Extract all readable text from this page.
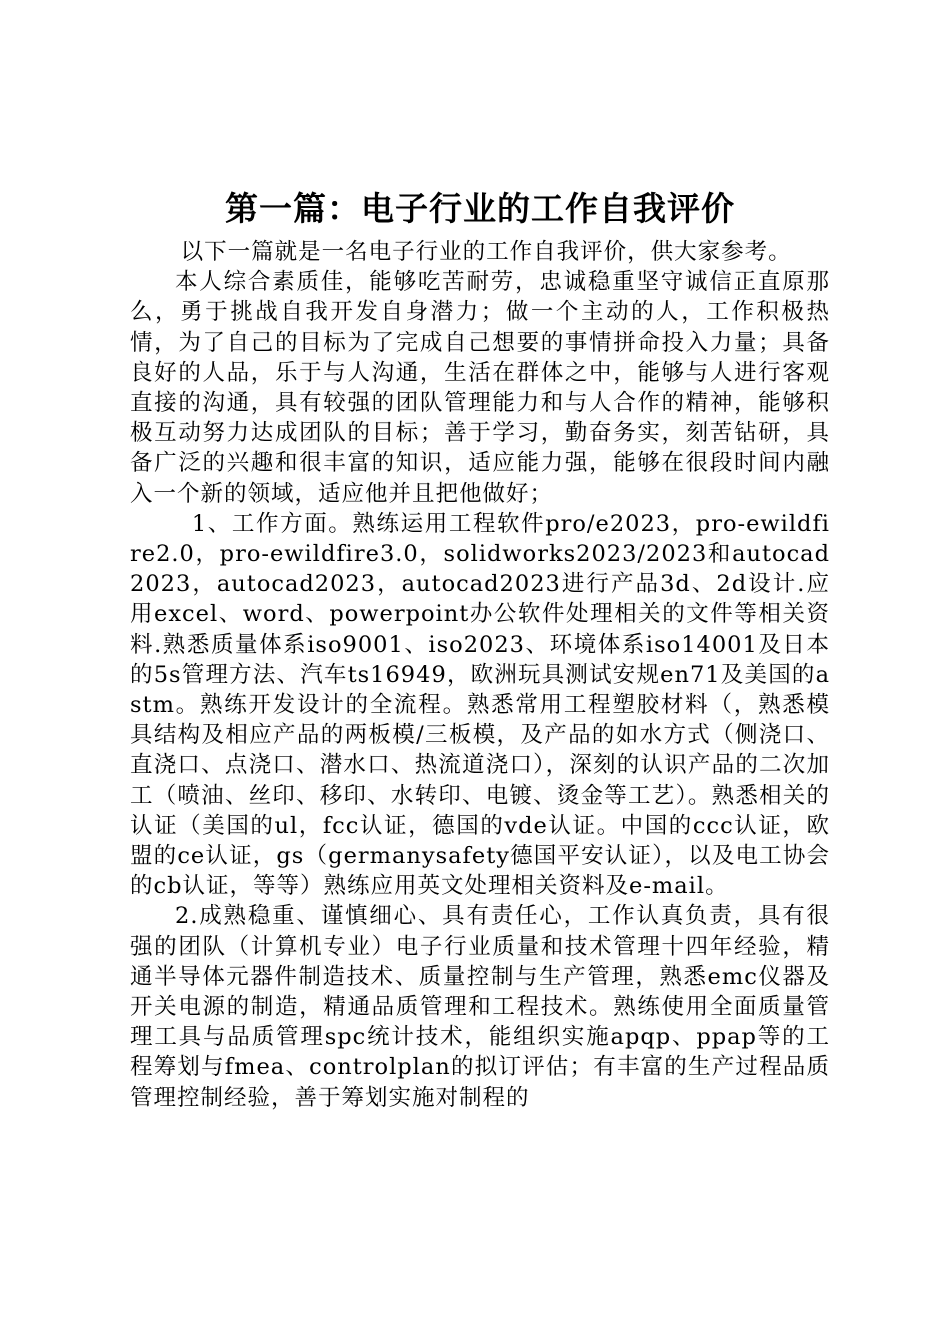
第一篇：电子行业的工作自我评价

以下一篇就是一名电子行业的工作自我评价，供大家参考。

本人综合素质佳，能够吃苦耐劳，忠诚稳重坚守诚信正直原那么，勇于挑战自我开发自身潜力；做一个主动的人，工作积极热情，为了自己的目标为了完成自己想要的事情拼命投入力量；具备良好的人品，乐于与人沟通，生活在群体之中，能够与人进行客观直接的沟通，具有较强的团队管理能力和与人合作的精神，能够积极互动努力达成团队的目标；善于学习，勤奋务实，刻苦钻研，具备广泛的兴趣和很丰富的知识，适应能力强，能够在很段时间内融入一个新的领域，适应他并且把他做好；

1、工作方面。熟练运用工程软件pro/e2023，pro-ewildfire2.0，pro-ewildfire3.0，solidworks2023/2023和autocad2023，autocad2023，autocad2023进行产品3d、2d设计.应用excel、word、powerpoint办公软件处理相关的文件等相关资料.熟悉质量体系iso9001、iso2023、环境体系iso14001及日本的5s管理方法、汽车ts16949，欧洲玩具测试安规en71及美国的astm。熟练开发设计的全流程。熟悉常用工程塑胶材料（，熟悉模具结构及相应产品的两板模/三板模，及产品的如水方式（侧浇口、直浇口、点浇口、潜水口、热流道浇口），深刻的认识产品的二次加工（喷油、丝印、移印、水转印、电镀、烫金等工艺）。熟悉相关的认证（美国的ul，fcc认证，德国的vde认证。中国的ccc认证，欧盟的ce认证，gs（germanysafety德国平安认证），以及电工协会的cb认证，等等）熟练应用英文处理相关资料及e-mail。

2.成熟稳重、谨慎细心、具有责任心，工作认真负责，具有很强的团队（计算机专业）电子行业质量和技术管理十四年经验，精通半导体元器件制造技术、质量控制与生产管理，熟悉emc仪器及开关电源的制造，精通品质管理和工程技术。熟练使用全面质量管理工具与品质管理spc统计技术，能组织实施apqp、ppap等的工程筹划与fmea、controlplan的拟订评估；有丰富的生产过程品质管理控制经验，善于筹划实施对制程的
